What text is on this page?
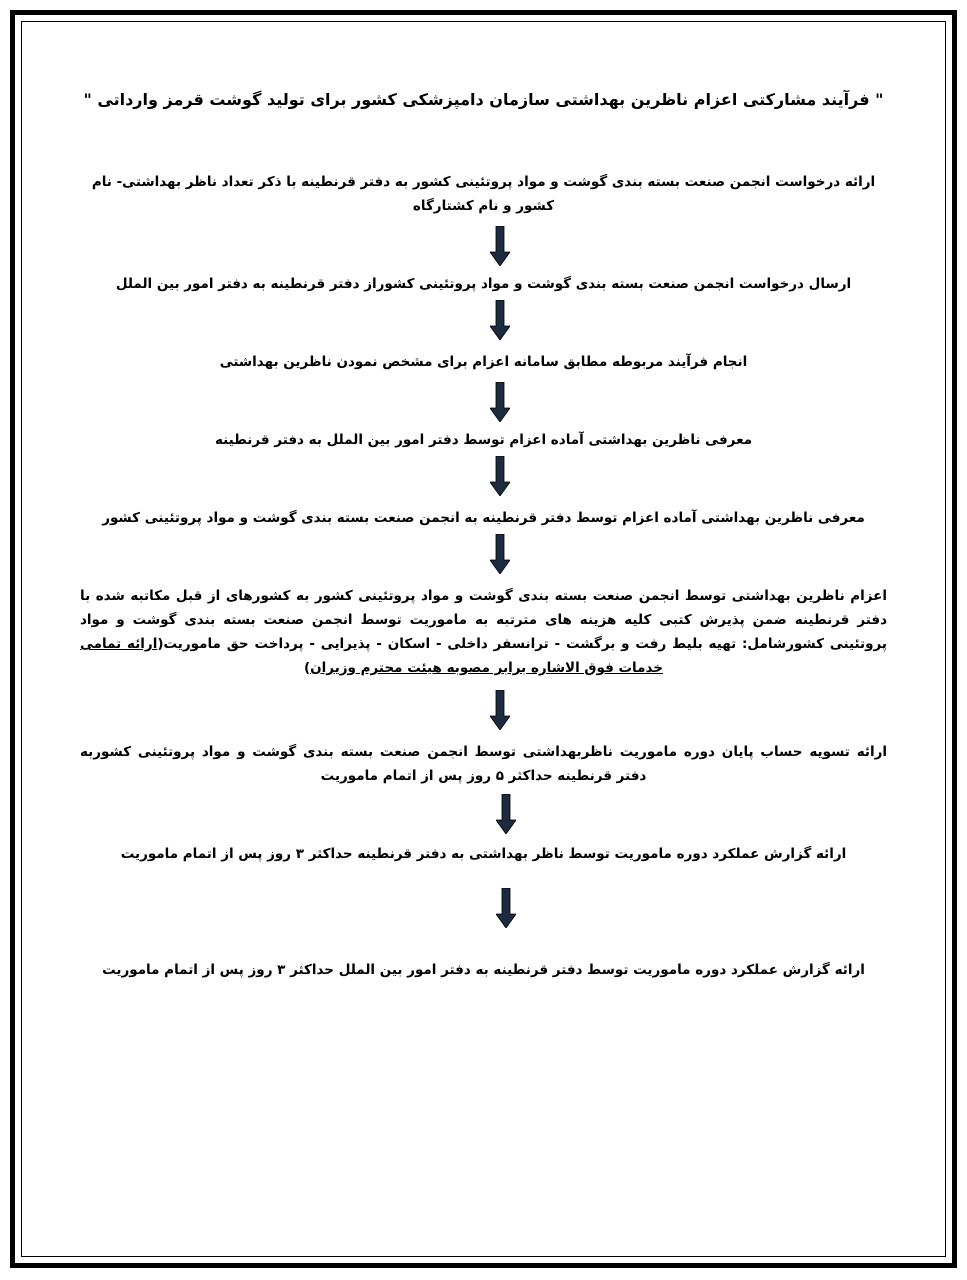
" فرآیند مشارکتی اعزام ناظرین بهداشتی سازمان دامپزشکی کشور برای تولید گوشت قرمز وارداتی "

ارائه درخواست انجمن صنعت بسته بندی گوشت و مواد پروتئینی کشور به دفتر قرنطینه با ذکر تعداد ناظر بهداشتی- نام کشور و نام کشتارگاه

ارسال درخواست انجمن صنعت بسته بندی گوشت و مواد پروتئینی کشوراز دفتر قرنطینه به دفتر امور بین الملل

انجام فرآیند مربوطه مطابق سامانه اعزام برای مشخص نمودن ناظرین بهداشتی

معرفی ناظرین بهداشتی آماده اعزام توسط دفتر امور بین الملل به دفتر قرنطینه

معرفی ناظرین بهداشتی آماده اعزام توسط دفتر قرنطینه به انجمن صنعت بسته بندی گوشت و مواد پروتئینی کشور

اعزام ناظرین بهداشتی توسط انجمن صنعت بسته بندی گوشت و مواد پروتئینی کشور به کشورهای از قبل مکاتبه شده با دفتر قرنطینه ضمن پذیرش کتبی کلیه هزینه های مترتبه به ماموریت توسط انجمن صنعت بسته بندی گوشت و مواد پروتئینی کشورشامل: تهیه بلیط رفت و برگشت - ترانسفر داخلی - اسکان - پذیرایی - پرداخت حق ماموریت(ارائه تمامی خدمات فوق الاشاره برابر مصوبه هیئت محترم وزیران)

ارائه تسویه حساب پایان دوره ماموریت ناظربهداشتی توسط انجمن صنعت بسته بندی گوشت و مواد پروتئینی کشوربه دفتر قرنطینه حداکثر ۵ روز پس از اتمام ماموریت

ارائه گزارش عملکرد دوره ماموریت توسط ناظر بهداشتی به دفتر قرنطینه حداکثر ۳ روز پس از اتمام ماموریت

ارائه گزارش عملکرد دوره ماموریت توسط دفتر قرنطینه به دفتر امور بین الملل حداکثر ۳ روز پس از اتمام ماموریت
